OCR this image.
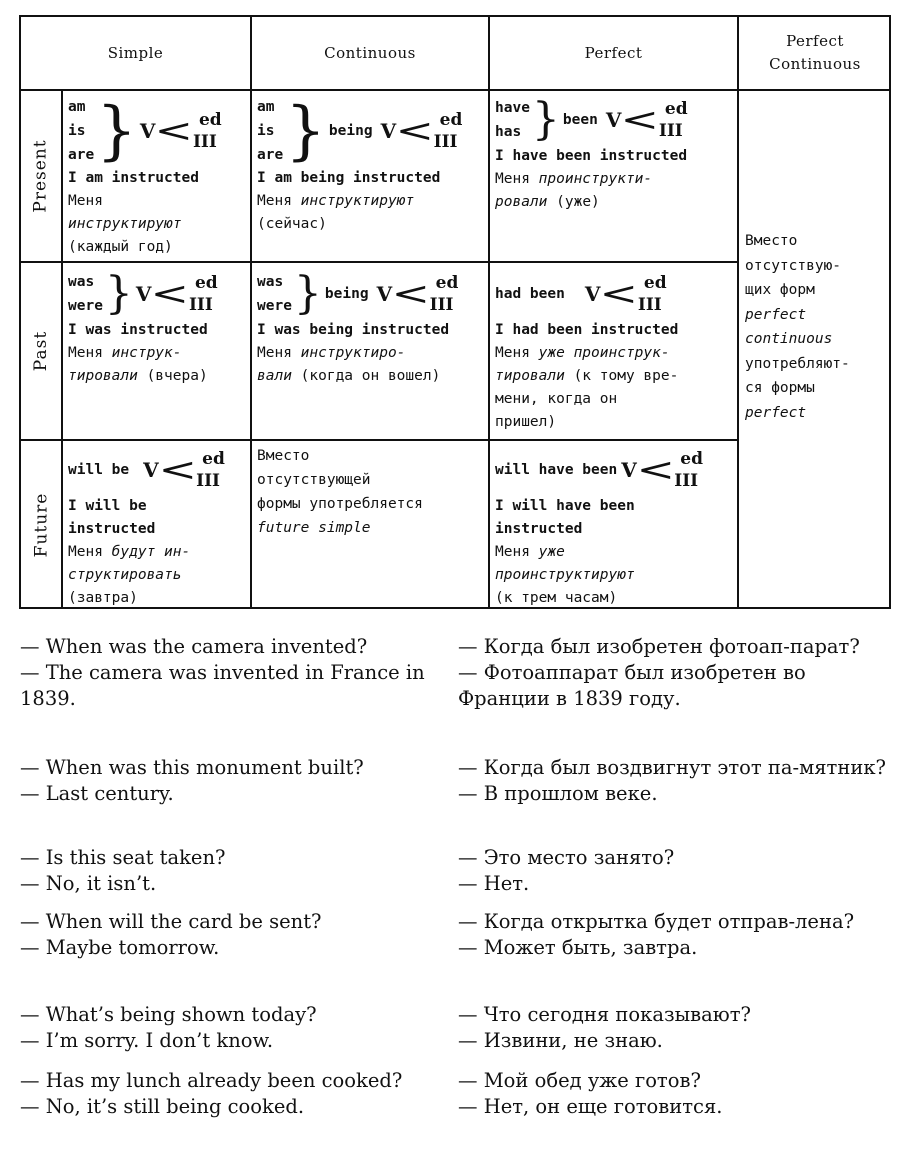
Simple	Continuous	Perfect
Perfect
Continuous
Present
Past
Future
am
is
are } V < ed
III
I am instructed
Меня
инструктируют
(каждый год)
am
is
are } being V < ed
III
I am being instructed
Меня инструктируют
(сейчас)
have
has } been V < ed
III
I have been instructed
Меня проинструкти-
ровали (уже)
was
were } V < ed
III
I was instructed
Меня инструк-
тировали (вчера)
was
were } being V < ed
III
I was being instructed
Меня инструктиро-
вали (когда он вошел)
had been V < ed
III
I had been instructed
Меня уже проинструк-
тировали (к тому вре-
мени, когда он
пришел)
will be V < ed
III
I will be
instructed
Меня будут ин-
структировать
(завтра)
Вместо
отсутствующей
формы употребляется
future simple
will have been V < ed
III
I will have been
instructed
Меня уже
проинструктируют
(к трем часам)
Вместо
отсутствую-
щих форм
perfect
continuous
употребляют-
ся формы
perfect
— When was the camera invented?
— The camera was invented in France in 1839.
— Когда был изобретен фотоап-парат?
— Фотоаппарат был изобретен во Франции в 1839 году.
— When was this monument built?
— Last century.
— Когда был воздвигнут этот па-мятник?
— В прошлом веке.
— Is this seat taken?
— No, it isn’t.
— Это место занято?
— Нет.
— When will the card be sent?
— Maybe tomorrow.
— Когда открытка будет отправ-лена?
— Может быть, завтра.
— What’s being shown today?
— I’m sorry. I don’t know.
— Что сегодня показывают?
— Извини, не знаю.
— Has my lunch already been cooked?
— No, it’s still being cooked.
— Мой обед уже готов?
— Нет, он еще готовится.
